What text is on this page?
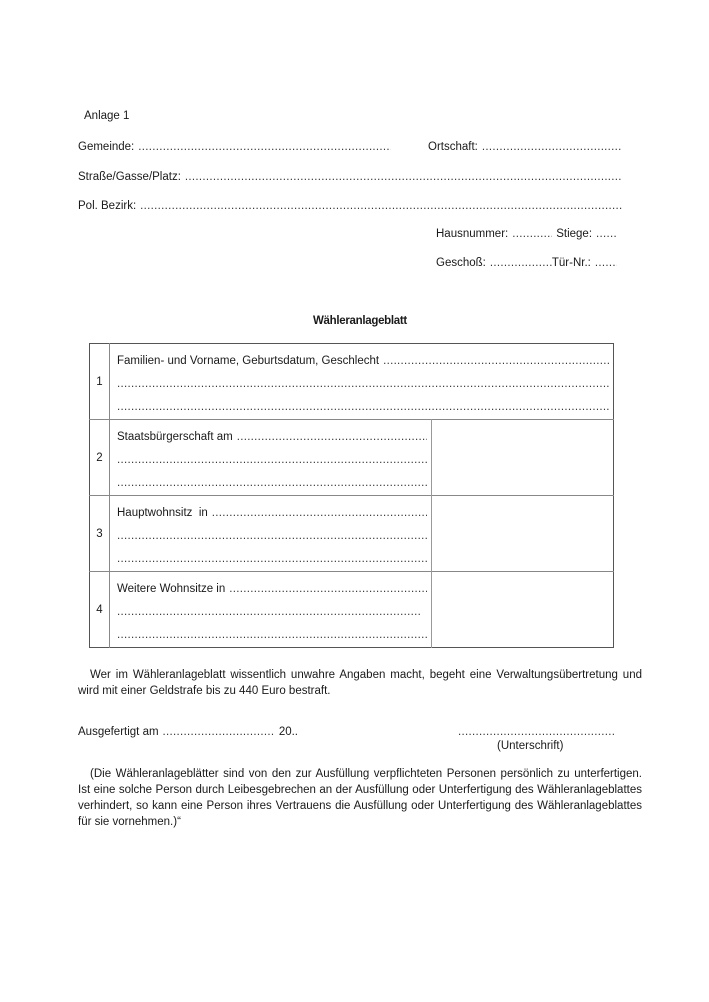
Anlage 1
Gemeinde: .....	Ortschaft:
.....
Straße/Gasse/Platz:
.....
Pol. Bezirk:
.....
Hausnummer: .....	Stiege:
.....
Geschoß: .....	Tür-Nr.:
.....
Wähleranlageblatt
1	Familien- und Vorname, Geburtsdatum, Geschlecht
.....
.....
.....

2	Staatsbürgerschaft am
.....
.....
.....

3	Hauptwohnsitz  in
.....
.....
.....

4	Weitere Wohnsitze in
.....
.....
.....

Wer im Wähleranlageblatt wissentlich unwahre Angaben macht, begeht eine Verwaltungsübertretung und wird mit einer Geldstrafe bis zu 440 Euro bestraft.
Ausgefertigt am .....	20..
.....
(Unterschrift)
(Die Wähleranlageblätter sind von den zur Ausfüllung verpflichteten Personen persönlich zu unterfertigen. Ist eine solche Person durch Leibesgebrechen an der Ausfüllung oder Unterfertigung des Wähleranlageblattes verhindert, so kann eine Person ihres Vertrauens die Ausfüllung oder Unterfertigung des Wähleranlageblattes für sie vornehmen.)“
